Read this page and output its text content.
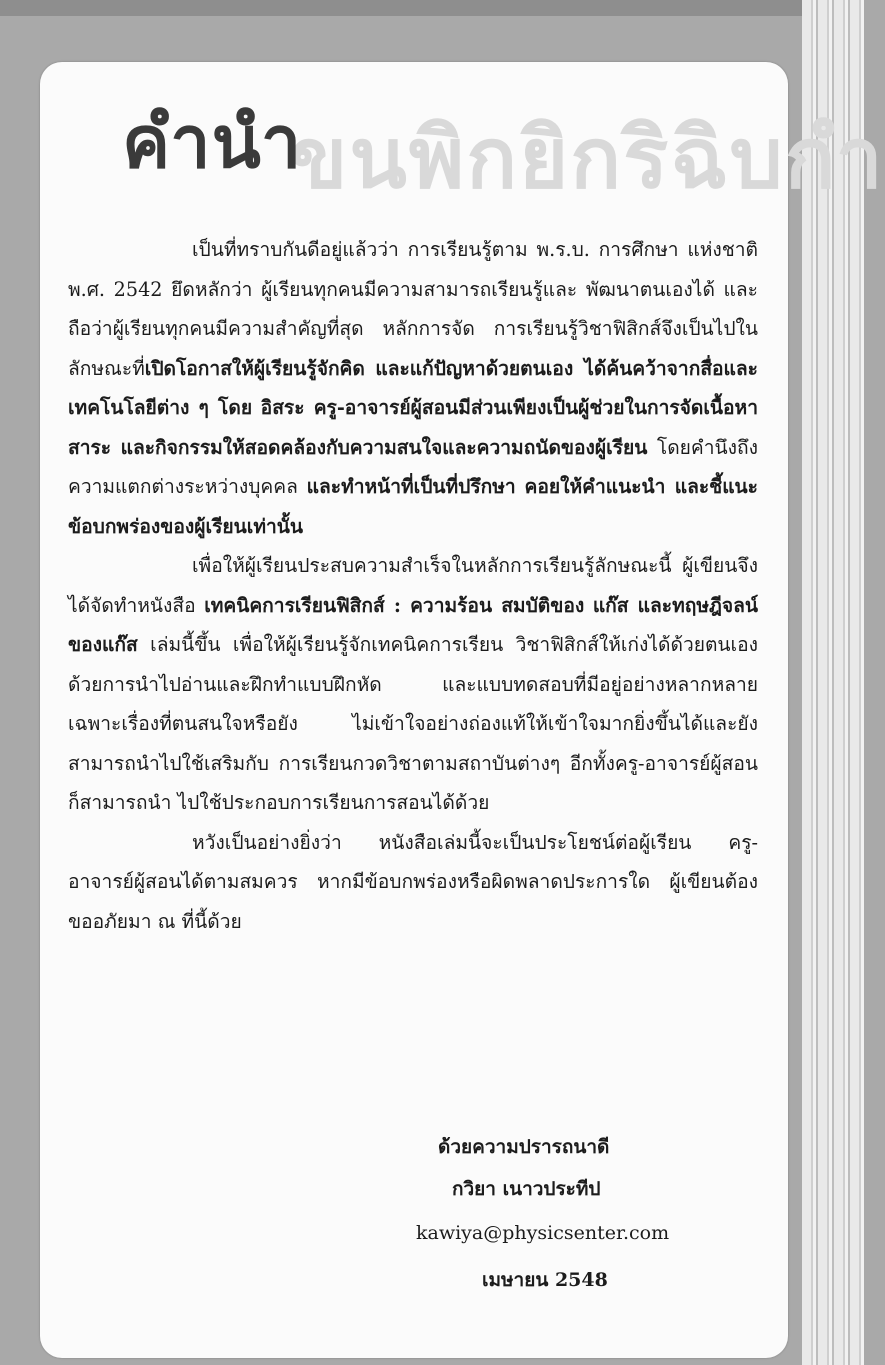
ขนพิกยิกริฉิบกำ
คำนำ

เป็นที่ทราบกันดีอยู่แล้วว่า การเรียนรู้ตาม พ.ร.บ. การศึกษา แห่งชาติ พ.ศ. 2542 ยึดหลักว่า ผู้เรียนทุกคนมีความสามารถเรียนรู้และ พัฒนาตนเองได้ และถือว่าผู้เรียนทุกคนมีความสำคัญที่สุด หลักการจัด การเรียนรู้วิชาฟิสิกส์จึงเป็นไปในลักษณะที่เปิดโอกาสให้ผู้เรียนรู้จักคิด และแก้ปัญหาด้วยตนเอง ได้ค้นคว้าจากสื่อและเทคโนโลยีต่าง ๆ โดย อิสระ ครู-อาจารย์ผู้สอนมีส่วนเพียงเป็นผู้ช่วยในการจัดเนื้อหาสาระ และกิจกรรมให้สอดคล้องกับความสนใจและความถนัดของผู้เรียน โดยคำนึงถึงความแตกต่างระหว่างบุคคล และทำหน้าที่เป็นที่ปรึกษา คอยให้คำแนะนำ และชี้แนะข้อบกพร่องของผู้เรียนเท่านั้น

เพื่อให้ผู้เรียนประสบความสำเร็จในหลักการเรียนรู้ลักษณะนี้ ผู้เขียนจึงได้จัดทำหนังสือ เทคนิคการเรียนฟิสิกส์ : ความร้อน สมบัติของ แก๊ส และทฤษฎีจลน์ของแก๊ส เล่มนี้ขึ้น เพื่อให้ผู้เรียนรู้จักเทคนิคการเรียน วิชาฟิสิกส์ให้เก่งได้ด้วยตนเอง ด้วยการนำไปอ่านและฝึกทำแบบฝึกหัด	และแบบทดสอบที่มีอยู่อย่างหลากหลาย เฉพาะเรื่องที่ตนสนใจหรือยัง	ไม่เข้าใจอย่างถ่องแท้ให้เข้าใจมากยิ่งขึ้นได้และยังสามารถนำไปใช้เสริมกับ การเรียนกวดวิชาตามสถาบันต่างๆ อีกทั้งครู-อาจารย์ผู้สอนก็สามารถนำ ไปใช้ประกอบการเรียนการสอนได้ด้วย

หวังเป็นอย่างยิ่งว่า หนังสือเล่มนี้จะเป็นประโยชน์ต่อผู้เรียน ครู-อาจารย์ผู้สอนได้ตามสมควร หากมีข้อบกพร่องหรือผิดพลาดประการใด ผู้เขียนต้องขออภัยมา ณ ที่นี้ด้วย

ด้วยความปรารถนาดี
กวิยา เนาวประทีป
kawiya@physicsenter.com
เมษายน 2548
